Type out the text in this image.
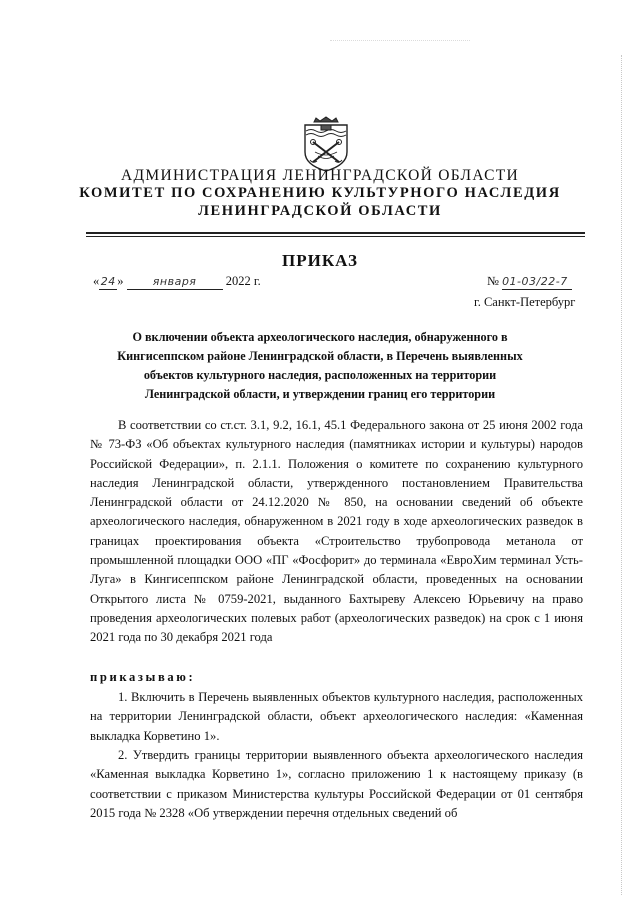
АДМИНИСТРАЦИЯ ЛЕНИНГРАДСКОЙ ОБЛАСТИ
КОМИТЕТ ПО СОХРАНЕНИЮ КУЛЬТУРНОГО НАСЛЕДИЯ
ЛЕНИНГРАДСКОЙ ОБЛАСТИ
ПРИКАЗ
« 24 »	января 2022 г.	№ 01-03/22-7
г. Санкт-Петербург
О включении объекта археологического наследия, обнаруженного в
Кингисеппском районе Ленинградской области, в Перечень выявленных
объектов культурного наследия, расположенных на территории
Ленинградской области, и утверждении границ его территории

В соответствии со ст.ст. 3.1, 9.2, 16.1, 45.1 Федерального закона от 25 июня 2002 года № 73-ФЗ «Об объектах культурного наследия (памятниках истории и культуры) народов Российской Федерации», п. 2.1.1. Положения о комитете по сохранению культурного наследия Ленинградской области, утвержденного постановлением Правительства Ленинградской области от 24.12.2020 № 850, на основании сведений об объекте археологического наследия, обнаруженном в 2021 году в ходе археологических разведок в границах проектирования объекта «Строительство трубопровода метанола от промышленной площадки ООО «ПГ «Фосфорит» до терминала «ЕвроХим терминал Усть-Луга» в Кингисеппском районе Ленинградской области, проведенных на основании Открытого листа № 0759-2021, выданного Бахтыреву Алексею Юрьевичу на право проведения археологических полевых работ (археологических разведок) на срок с 1 июня 2021 года по 30 декабря 2021 года

приказываю:

1. Включить в Перечень выявленных объектов культурного наследия, расположенных на территории Ленинградской области, объект археологического наследия: «Каменная выкладка Корветино 1».

2. Утвердить границы территории выявленного объекта археологического наследия «Каменная выкладка Корветино 1», согласно приложению 1 к настоящему приказу (в соответствии с приказом Министерства культуры Российской Федерации от 01 сентября 2015 года № 2328 «Об утверждении перечня отдельных сведений об
